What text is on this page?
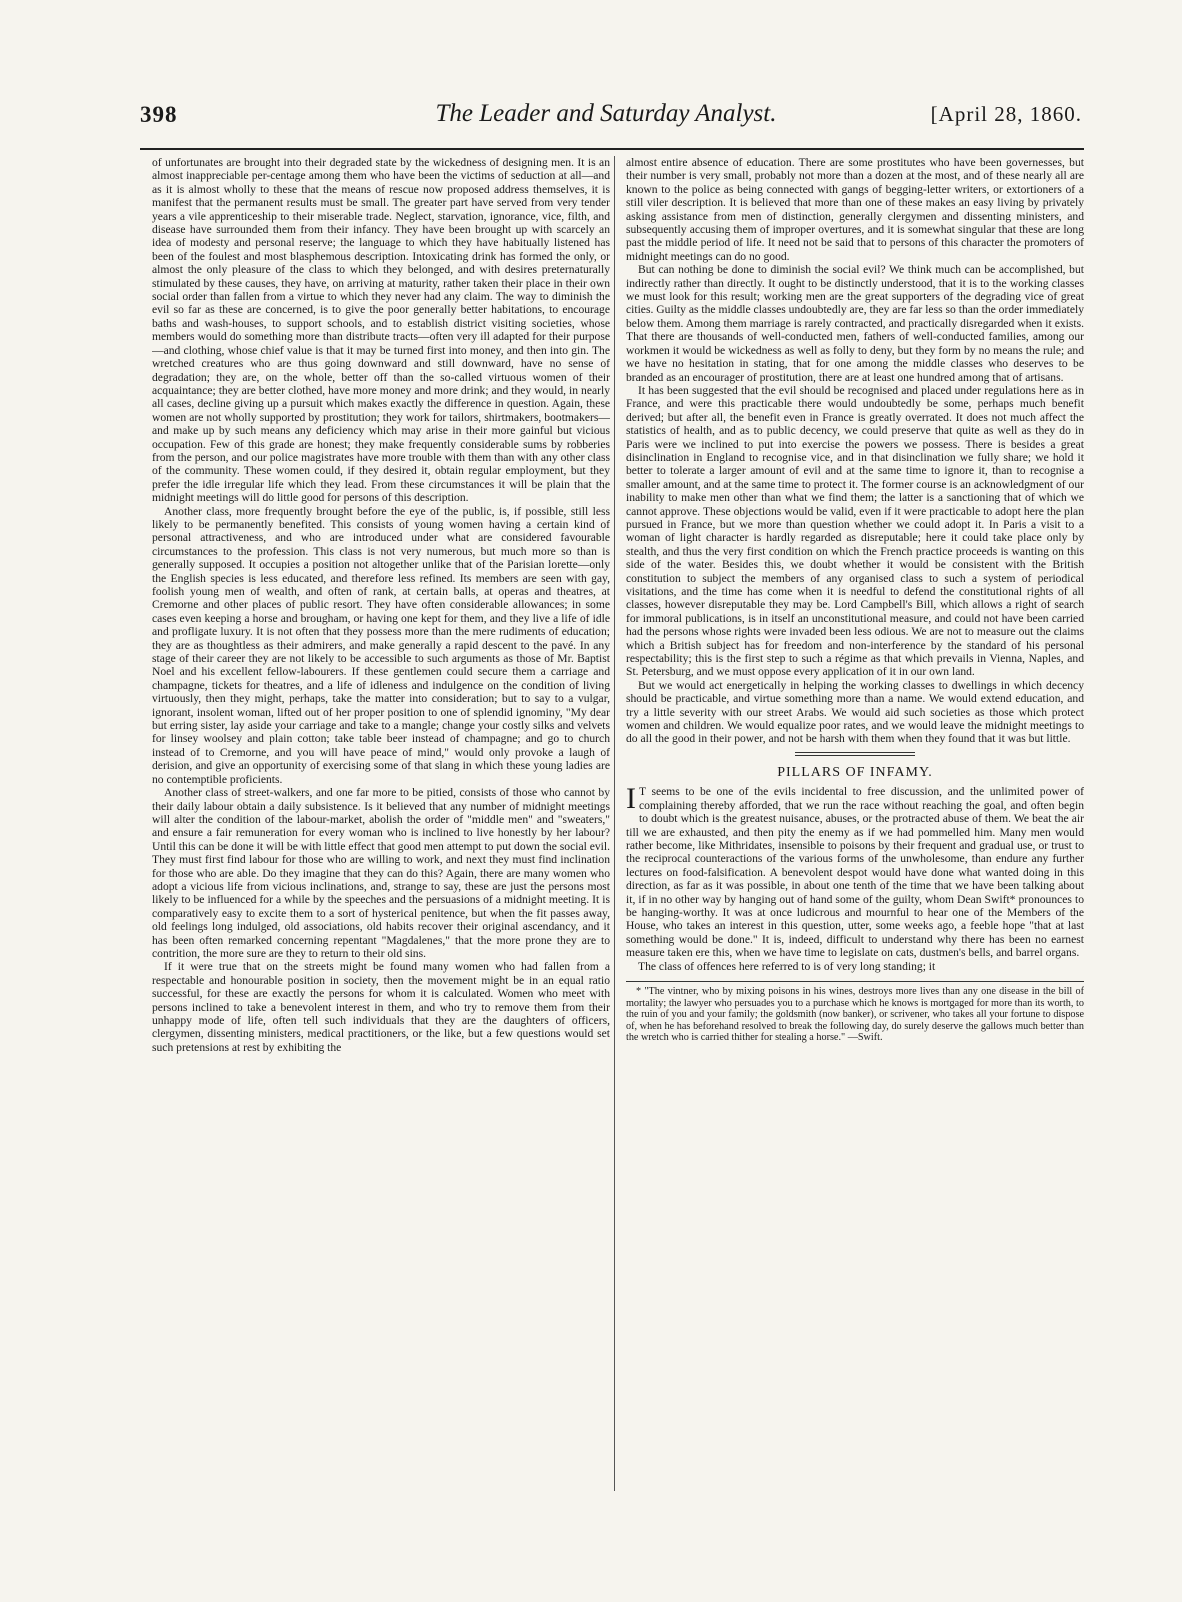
398	The Leader and Saturday Analyst.	[April 28, 1860.

of unfortunates are brought into their degraded state by the wickedness of designing men. It is an almost inappreciable per-centage among them who have been the victims of seduction at all—and as it is almost wholly to these that the means of rescue now proposed address themselves, it is manifest that the permanent results must be small. The greater part have served from very tender years a vile apprenticeship to their miserable trade. Neglect, starvation, ignorance, vice, filth, and disease have surrounded them from their infancy. They have been brought up with scarcely an idea of modesty and personal reserve; the language to which they have habitually listened has been of the foulest and most blasphemous description. Intoxicating drink has formed the only, or almost the only pleasure of the class to which they belonged, and with desires preternaturally stimulated by these causes, they have, on arriving at maturity, rather taken their place in their own social order than fallen from a virtue to which they never had any claim. The way to diminish the evil so far as these are concerned, is to give the poor generally better habitations, to encourage baths and wash-houses, to support schools, and to establish district visiting societies, whose members would do something more than distribute tracts—often very ill adapted for their purpose—and clothing, whose chief value is that it may be turned first into money, and then into gin. The wretched creatures who are thus going downward and still downward, have no sense of degradation; they are, on the whole, better off than the so-called virtuous women of their acquaintance; they are better clothed, have more money and more drink; and they would, in nearly all cases, decline giving up a pursuit which makes exactly the difference in question. Again, these women are not wholly supported by prostitution; they work for tailors, shirtmakers, bootmakers—and make up by such means any deficiency which may arise in their more gainful but vicious occupation. Few of this grade are honest; they make frequently considerable sums by robberies from the person, and our police magistrates have more trouble with them than with any other class of the community. These women could, if they desired it, obtain regular employment, but they prefer the idle irregular life which they lead. From these circumstances it will be plain that the midnight meetings will do little good for persons of this description.

Another class, more frequently brought before the eye of the public, is, if possible, still less likely to be permanently benefited. This consists of young women having a certain kind of personal attractiveness, and who are introduced under what are considered favourable circumstances to the profession. This class is not very numerous, but much more so than is generally supposed. It occupies a position not altogether unlike that of the Parisian lorette—only the English species is less educated, and therefore less refined. Its members are seen with gay, foolish young men of wealth, and often of rank, at certain balls, at operas and theatres, at Cremorne and other places of public resort. They have often considerable allowances; in some cases even keeping a horse and brougham, or having one kept for them, and they live a life of idle and profligate luxury. It is not often that they possess more than the mere rudiments of education; they are as thoughtless as their admirers, and make generally a rapid descent to the pavé. In any stage of their career they are not likely to be accessible to such arguments as those of Mr. Baptist Noel and his excellent fellow-labourers. If these gentlemen could secure them a carriage and champagne, tickets for theatres, and a life of idleness and indulgence on the condition of living virtuously, then they might, perhaps, take the matter into consideration; but to say to a vulgar, ignorant, insolent woman, lifted out of her proper position to one of splendid ignominy, "My dear but erring sister, lay aside your carriage and take to a mangle; change your costly silks and velvets for linsey woolsey and plain cotton; take table beer instead of champagne; and go to church instead of to Cremorne, and you will have peace of mind," would only provoke a laugh of derision, and give an opportunity of exercising some of that slang in which these young ladies are no contemptible proficients.

Another class of street-walkers, and one far more to be pitied, consists of those who cannot by their daily labour obtain a daily subsistence. Is it believed that any number of midnight meetings will alter the condition of the labour-market, abolish the order of "middle men" and "sweaters," and ensure a fair remuneration for every woman who is inclined to live honestly by her labour? Until this can be done it will be with little effect that good men attempt to put down the social evil. They must first find labour for those who are willing to work, and next they must find inclination for those who are able. Do they imagine that they can do this? Again, there are many women who adopt a vicious life from vicious inclinations, and, strange to say, these are just the persons most likely to be influenced for a while by the speeches and the persuasions of a midnight meeting. It is comparatively easy to excite them to a sort of hysterical penitence, but when the fit passes away, old feelings long indulged, old associations, old habits recover their original ascendancy, and it has been often remarked concerning repentant "Magdalenes," that the more prone they are to contrition, the more sure are they to return to their old sins.

If it were true that on the streets might be found many women who had fallen from a respectable and honourable position in society, then the movement might be in an equal ratio successful, for these are exactly the persons for whom it is calculated. Women who meet with persons inclined to take a benevolent interest in them, and who try to remove them from their unhappy mode of life, often tell such individuals that they are the daughters of officers, clergymen, dissenting ministers, medical practitioners, or the like, but a few questions would set such pretensions at rest by exhibiting the

almost entire absence of education. There are some prostitutes who have been governesses, but their number is very small, probably not more than a dozen at the most, and of these nearly all are known to the police as being connected with gangs of begging-letter writers, or extortioners of a still viler description. It is believed that more than one of these makes an easy living by privately asking assistance from men of distinction, generally clergymen and dissenting ministers, and subsequently accusing them of improper overtures, and it is somewhat singular that these are long past the middle period of life. It need not be said that to persons of this character the promoters of midnight meetings can do no good.

But can nothing be done to diminish the social evil? We think much can be accomplished, but indirectly rather than directly. It ought to be distinctly understood, that it is to the working classes we must look for this result; working men are the great supporters of the degrading vice of great cities. Guilty as the middle classes undoubtedly are, they are far less so than the order immediately below them. Among them marriage is rarely contracted, and practically disregarded when it exists. That there are thousands of well-conducted men, fathers of well-conducted families, among our workmen it would be wickedness as well as folly to deny, but they form by no means the rule; and we have no hesitation in stating, that for one among the middle classes who deserves to be branded as an encourager of prostitution, there are at least one hundred among that of artisans.

It has been suggested that the evil should be recognised and placed under regulations here as in France, and were this practicable there would undoubtedly be some, perhaps much benefit derived; but after all, the benefit even in France is greatly overrated. It does not much affect the statistics of health, and as to public decency, we could preserve that quite as well as they do in Paris were we inclined to put into exercise the powers we possess. There is besides a great disinclination in England to recognise vice, and in that disinclination we fully share; we hold it better to tolerate a larger amount of evil and at the same time to ignore it, than to recognise a smaller amount, and at the same time to protect it. The former course is an acknowledgment of our inability to make men other than what we find them; the latter is a sanctioning that of which we cannot approve. These objections would be valid, even if it were practicable to adopt here the plan pursued in France, but we more than question whether we could adopt it. In Paris a visit to a woman of light character is hardly regarded as disreputable; here it could take place only by stealth, and thus the very first condition on which the French practice proceeds is wanting on this side of the water. Besides this, we doubt whether it would be consistent with the British constitution to subject the members of any organised class to such a system of periodical visitations, and the time has come when it is needful to defend the constitutional rights of all classes, however disreputable they may be. Lord Campbell's Bill, which allows a right of search for immoral publications, is in itself an unconstitutional measure, and could not have been carried had the persons whose rights were invaded been less odious. We are not to measure out the claims which a British subject has for freedom and non-interference by the standard of his personal respectability; this is the first step to such a régime as that which prevails in Vienna, Naples, and St. Petersburg, and we must oppose every application of it in our own land.

But we would act energetically in helping the working classes to dwellings in which decency should be practicable, and virtue something more than a name. We would extend education, and try a little severity with our street Arabs. We would aid such societies as those which protect women and children. We would equalize poor rates, and we would leave the midnight meetings to do all the good in their power, and not be harsh with them when they found that it was but little.

PILLARS OF INFAMY.

I T seems to be one of the evils incidental to free discussion, and the unlimited power of complaining thereby afforded, that we run the race without reaching the goal, and often begin to doubt which is the greatest nuisance, abuses, or the protracted abuse of them. We beat the air till we are exhausted, and then pity the enemy as if we had pommelled him. Many men would rather become, like Mithridates, insensible to poisons by their frequent and gradual use, or trust to the reciprocal counteractions of the various forms of the unwholesome, than endure any further lectures on food-falsification. A benevolent despot would have done what wanted doing in this direction, as far as it was possible, in about one tenth of the time that we have been talking about it, if in no other way by hanging out of hand some of the guilty, whom Dean Swift* pronounces to be hanging-worthy. It was at once ludicrous and mournful to hear one of the Members of the House, who takes an interest in this question, utter, some weeks ago, a feeble hope "that at last something would be done." It is, indeed, difficult to understand why there has been no earnest measure taken ere this, when we have time to legislate on cats, dustmen's bells, and barrel organs.

The class of offences here referred to is of very long standing; it

* "The vintner, who by mixing poisons in his wines, destroys more lives than any one disease in the bill of mortality; the lawyer who persuades you to a purchase which he knows is mortgaged for more than its worth, to the ruin of you and your family; the goldsmith (now banker), or scrivener, who takes all your fortune to dispose of, when he has beforehand resolved to break the following day, do surely deserve the gallows much better than the wretch who is carried thither for stealing a horse." —Swift.
